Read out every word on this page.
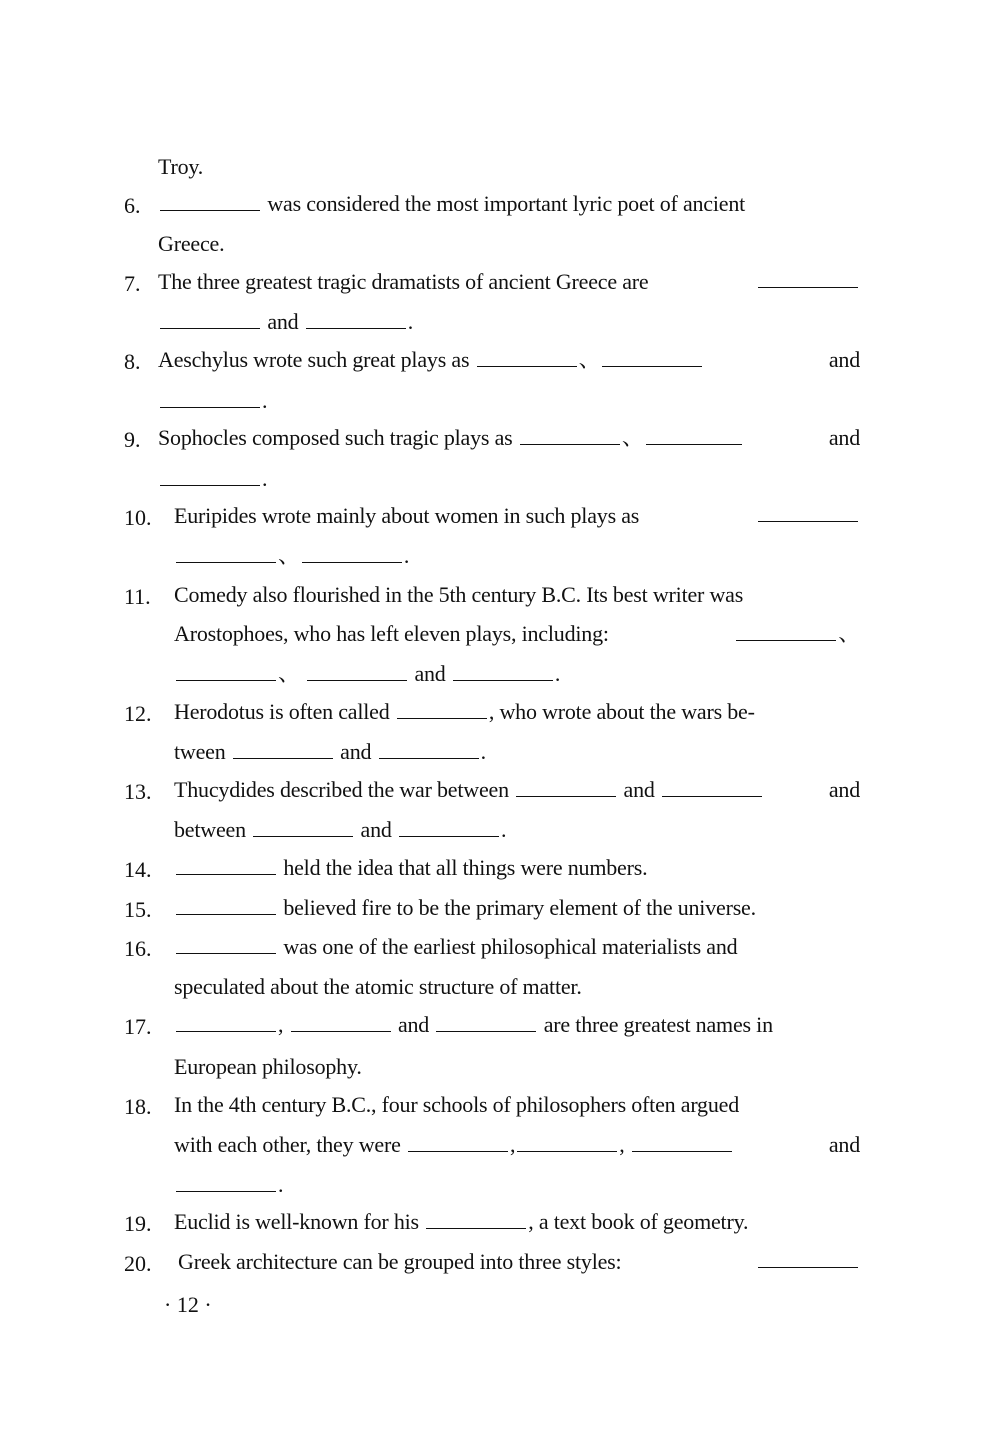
Troy.
6.	was considered the most important lyric poet of ancient
Greece.
7. The three greatest tragic dramatists of ancient Greece are
and	.
8. Aeschylus wrote such great plays as	、	and
.
9. Sophocles composed such tragic plays as	、	and
.
10. Euripides wrote mainly about women in such plays as
、	.
11. Comedy also flourished in the 5th century B.C. Its best writer was
Arostophoes, who has left eleven plays, including:	、
、	and	.
12. Herodotus is often called	, who wrote about the wars be-
tween	and	.
13. Thucydides described the war between	and	and
between	and	.
14.	held the idea that all things were numbers.
15.	believed fire to be the primary element of the universe.
16.	was one of the earliest philosophical materialists and
speculated about the atomic structure of matter.
17.	,	and	are three greatest names in
European philosophy.
18. In the 4th century B.C., four schools of philosophers often argued
with each other, they were	,	,	and
.
19. Euclid is well-known for his	, a text book of geometry.
20. Greek architecture can be grouped into three styles:
· 12 ·
